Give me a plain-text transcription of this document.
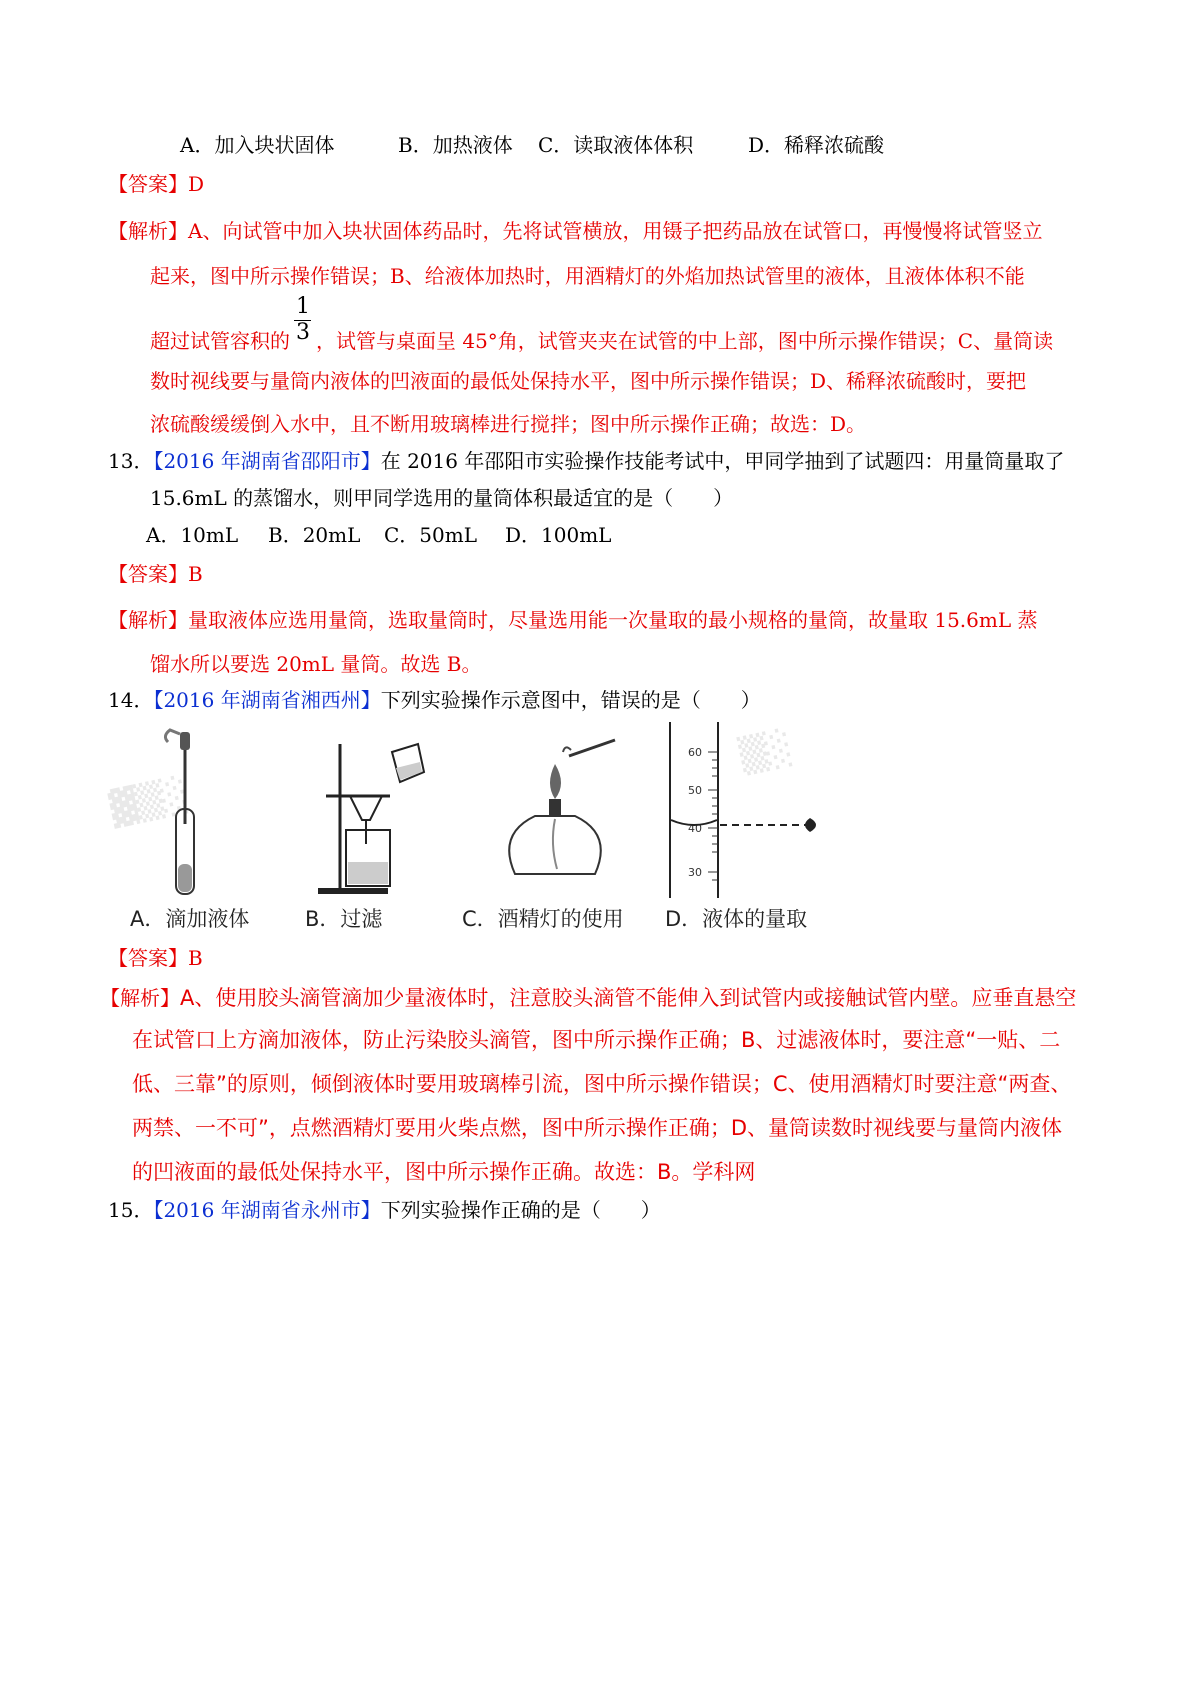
A．加入块状固体	B．加热液体 C．读取液体体积	D．稀释浓硫酸
【答案】D
【解析】A、向试管中加入块状固体药品时，先将试管横放，用镊子把药品放在试管口，再慢慢将试管竖立
起来，图中所示操作错误；B、给液体加热时，用酒精灯的外焰加热试管里的液体，且液体体积不能
超过试管容积的 $\frac{1}{3}$ ，试管与桌面呈 45°角，试管夹夹在试管的中上部，图中所示操作错误；C、量筒读
数时视线要与量筒内液体的凹液面的最低处保持水平，图中所示操作错误；D、稀释浓硫酸时，要把
浓硫酸缓缓倒入水中，且不断用玻璃棒进行搅拌；图中所示操作正确；故选：D。
13．【2016 年湖南省邵阳市】在 2016 年邵阳市实验操作技能考试中，甲同学抽到了试题四：用量筒量取了
15.6mL 的蒸馏水，则甲同学选用的量筒体积最适宜的是（　　）
A．10mL B．20mL C．50mL D．100mL
【答案】B
【解析】量取液体应选用量筒，选取量筒时，尽量选用能一次量取的最小规格的量筒，故量取 15.6mL 蒸
馏水所以要选 20mL 量筒。故选 B。
14．【2016 年湖南省湘西州】下列实验操作示意图中，错误的是（　　）
▓▒░
▒░
60
50
40
30
A．滴加液体	B．过滤	C．酒精灯的使用 D．液体的量取
【答案】B
【解析】A、使用胶头滴管滴加少量液体时，注意胶头滴管不能伸入到试管内或接触试管内壁。应垂直悬空
在试管口上方滴加液体，防止污染胶头滴管，图中所示操作正确；B、过滤液体时，要注意“一贴、二
低、三靠”的原则，倾倒液体时要用玻璃棒引流，图中所示操作错误；C、使用酒精灯时要注意“两查、
两禁、一不可”，点燃酒精灯要用火柴点燃，图中所示操作正确；D、量筒读数时视线要与量筒内液体
的凹液面的最低处保持水平，图中所示操作正确。故选：B。学科网
15．【2016 年湖南省永州市】下列实验操作正确的是（　　）
